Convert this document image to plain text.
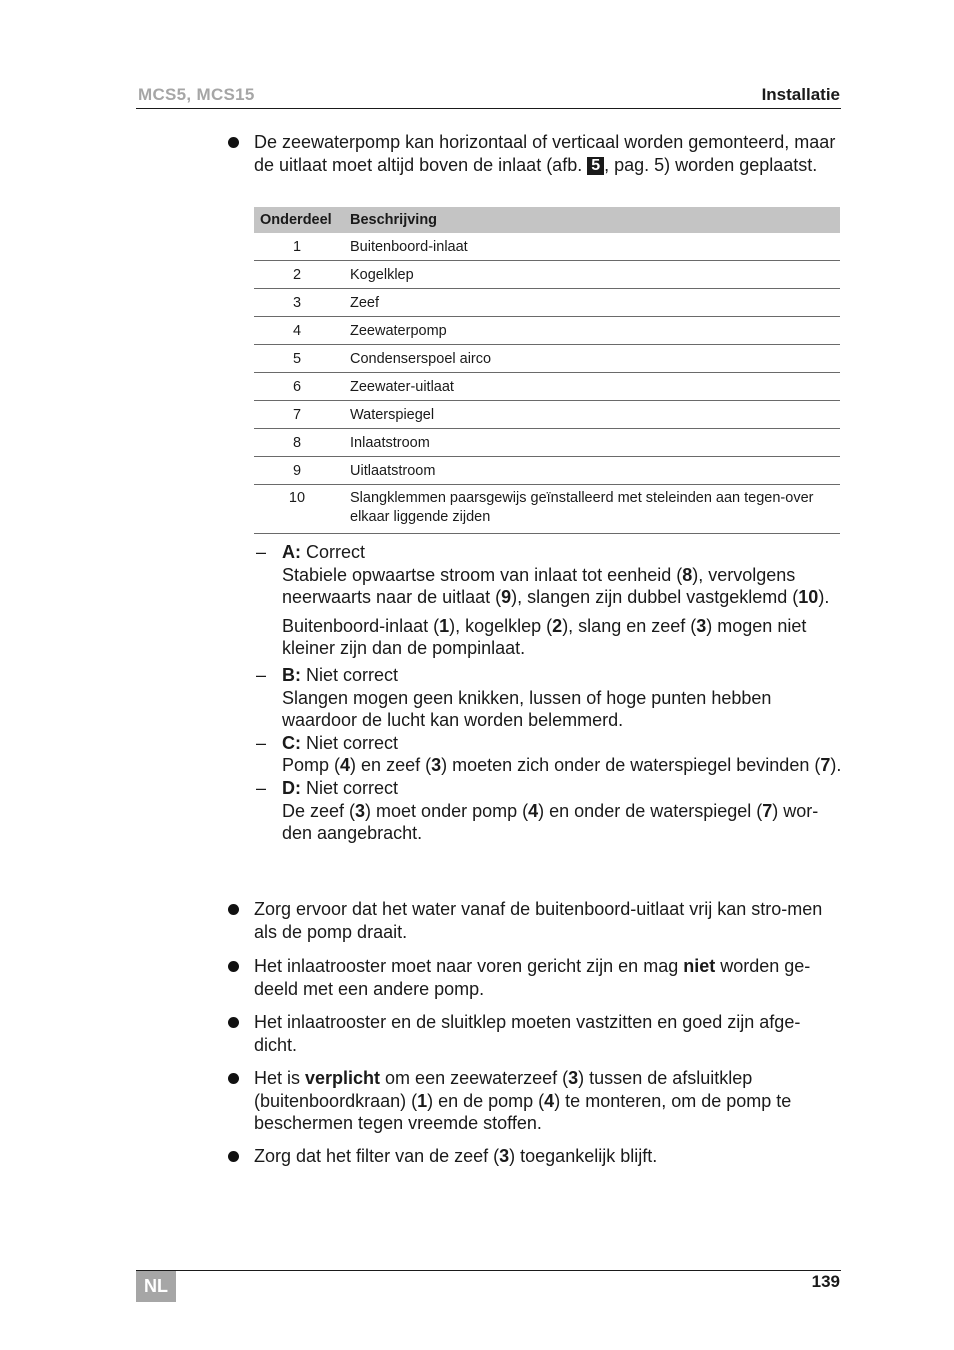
MCS5, MCS15	Installatie
De zeewaterpomp kan horizontaal of verticaal worden gemonteerd, maar de uitlaat moet altijd boven de inlaat (afb. 5 , pag. 5) worden geplaatst.
Onderdeel	Beschrijving
1	Buitenboord-inlaat
2	Kogelklep
3	Zeef
4	Zeewaterpomp
5	Condenserspoel airco
6	Zeewater-uitlaat
7	Waterspiegel
8	Inlaatstroom
9	Uitlaatstroom
10	Slangklemmen paarsgewijs geïnstalleerd met steleinden aan tegen-over elkaar liggende zijden
– A: Correct

Stabiele opwaartse stroom van inlaat tot eenheid (8), vervolgens neerwaarts naar de uitlaat (9), slangen zijn dubbel vastgeklemd (10).

Buitenboord-inlaat (1), kogelklep (2), slang en zeef (3) mogen niet kleiner zijn dan de pompinlaat.

– B: Niet correct

Slangen mogen geen knikken, lussen of hoge punten hebben waardoor de lucht kan worden belemmerd.

– C: Niet correct

Pomp (4) en zeef (3) moeten zich onder de waterspiegel bevinden (7).

– D: Niet correct

De zeef (3) moet onder pomp (4) en onder de waterspiegel (7) wor-den aangebracht.

Zorg ervoor dat het water vanaf de buitenboord-uitlaat vrij kan stro-men als de pomp draait.
Het inlaatrooster moet naar voren gericht zijn en mag niet worden ge-deeld met een andere pomp.
Het inlaatrooster en de sluitklep moeten vastzitten en goed zijn afge-dicht.
Het is verplicht om een zeewaterzeef (3) tussen de afsluitklep (buitenboordkraan) (1) en de pomp (4) te monteren, om de pomp te beschermen tegen vreemde stoffen.
Zorg dat het filter van de zeef (3) toegankelijk blijft.
NL	139
